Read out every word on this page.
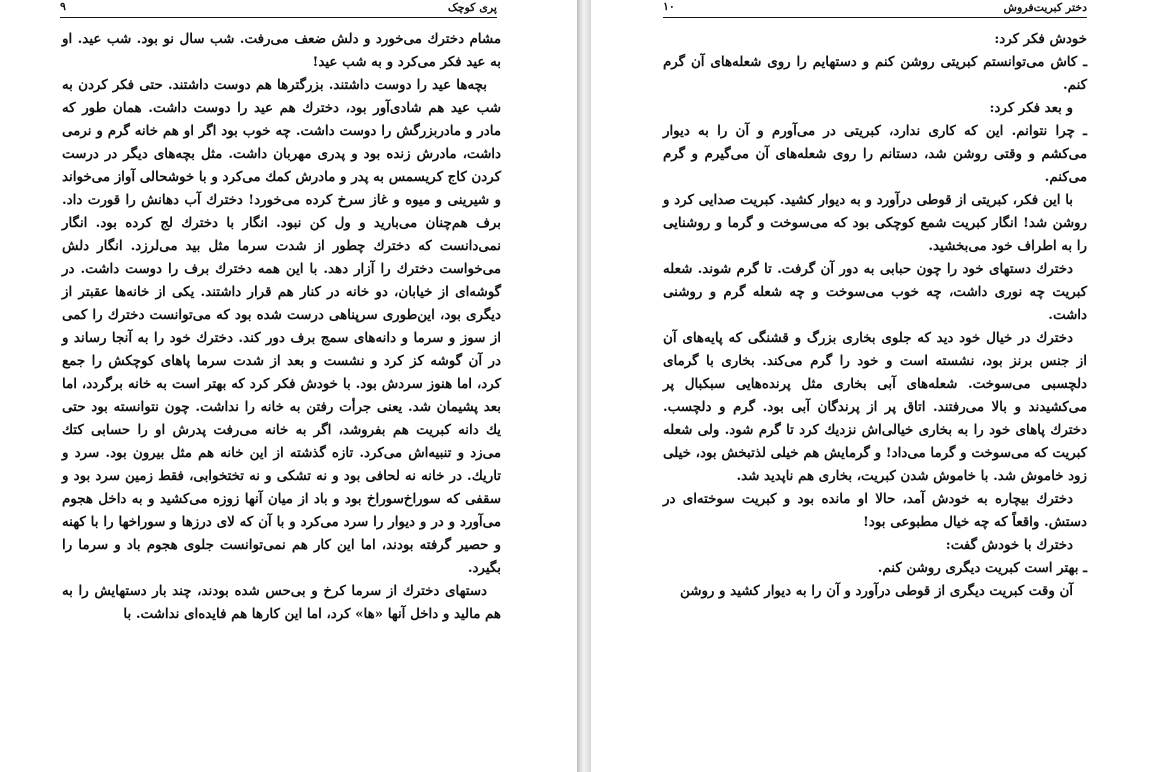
پری کوچک
۹

مشام دخترك می‌خورد و دلش ضعف می‌رفت. شب سال نو بود. شب عید. او به عید فکر می‌کرد و به شب عید!

بچه‌ها عید را دوست داشتند. بزرگترها هم دوست داشتند. حتی فکر کردن به شب عید هم شادی‌آور بود، دخترك هم عید را دوست داشت. همان طور که مادر و مادربزرگش را دوست داشت. چه خوب بود اگر او هم خانه گرم و نرمی داشت، مادرش زنده بود و پدری مهربان داشت. مثل بچه‌های دیگر در درست کردن کاج کریسمس به پدر و مادرش کمك می‌کرد و با خوشحالی آواز می‌خواند و شیرینی و میوه و غاز سرخ کرده می‌خورد! دخترك آب دهانش را قورت داد. برف هم‌چنان می‌بارید و ول کن نبود. انگار با دخترك لج کرده بود. انگار نمی‌دانست که دخترك چطور از شدت سرما مثل بید می‌لرزد. انگار دلش می‌خواست دخترك را آزار دهد. با این همه دخترك برف را دوست داشت. در گوشه‌ای از خیابان، دو خانه در کنار هم قرار داشتند. یکی از خانه‌ها عقبتر از دیگری بود، این‌طوری سرپناهی درست شده بود که می‌توانست دخترك را کمی از سوز و سرما و دانه‌های سمج برف دور کند. دخترك خود را به آنجا رساند و در آن گوشه کز کرد و نشست و بعد از شدت سرما پاهای کوچکش را جمع کرد، اما هنوز سردش بود. با خودش فکر کرد که بهتر است به خانه برگردد، اما بعد پشیمان شد. یعنی جرأت رفتن به خانه را نداشت. چون نتوانسته بود حتی یك دانه کبریت هم بفروشد، اگر به خانه می‌رفت پدرش او را حسابی کتك می‌زد و تنبیه‌اش می‌کرد. تازه گذشته از این خانه هم مثل بیرون بود. سرد و تاریك. در خانه نه لحافی بود و نه تشکی و نه تختخوابی، فقط زمین سرد بود و سقفی که سوراخ‌سوراخ بود و باد از میان آنها زوزه می‌کشید و به داخل هجوم می‌آورد و در و دیوار را سرد می‌کرد و با آن که لای درزها و سوراخها را با کهنه و حصیر گرفته بودند، اما این کار هم نمی‌توانست جلوی هجوم باد و سرما را بگیرد.

دستهای دخترك از سرما کرخ و بی‌حس شده بودند، چند بار دستهایش را به هم مالید و داخل آنها «ها» کرد، اما این کارها هم فایده‌ای نداشت. با

دختر کبریت‌فروش
۱۰

خودش فکر کرد:

ـ کاش می‌توانستم کبریتی روشن کنم و دستهایم را روی شعله‌های آن گرم کنم.

و بعد فکر کرد:

ـ چرا نتوانم. این که کاری ندارد، کبریتی در می‌آورم و آن را به دیوار می‌کشم و وقتی روشن شد، دستانم را روی شعله‌های آن می‌گیرم و گرم می‌کنم.

با این فکر، کبریتی از قوطی درآورد و به دیوار کشید. کبریت صدایی کرد و روشن شد! انگار کبریت شمع کوچکی بود که می‌سوخت و گرما و روشنایی را به اطراف خود می‌بخشید.

دخترك دستهای خود را چون حبابی به دور آن گرفت. تا گرم شوند. شعله کبریت چه نوری داشت، چه خوب می‌سوخت و چه شعله گرم و روشنی داشت.

دخترك در خیال خود دید که جلوی بخاری بزرگ و قشنگی که پایه‌های آن از جنس برنز بود، نشسته است و خود را گرم می‌کند. بخاری با گرمای دلچسبی می‌سوخت. شعله‌های آبی بخاری مثل پرنده‌هایی سبکبال پر می‌کشیدند و بالا می‌رفتند. اتاق پر از پرندگان آبی بود. گرم و دلچسب. دخترك پاهای خود را به بخاری خیالی‌اش نزدیك کرد تا گرم شود. ولی شعله کبریت که می‌سوخت و گرما می‌داد! و گرمایش هم خیلی لذتبخش بود، خیلی زود خاموش شد. با خاموش شدن کبریت، بخاری هم ناپدید شد.

دخترك بیچاره به خودش آمد، حالا او مانده بود و کبریت سوخته‌ای در دستش. واقعاً که چه خیال مطبوعی بود!

دخترك با خودش گفت:

ـ بهتر است کبریت دیگری روشن کنم.

آن وقت کبریت دیگری از قوطی درآورد و آن را به دیوار کشید و روشن
